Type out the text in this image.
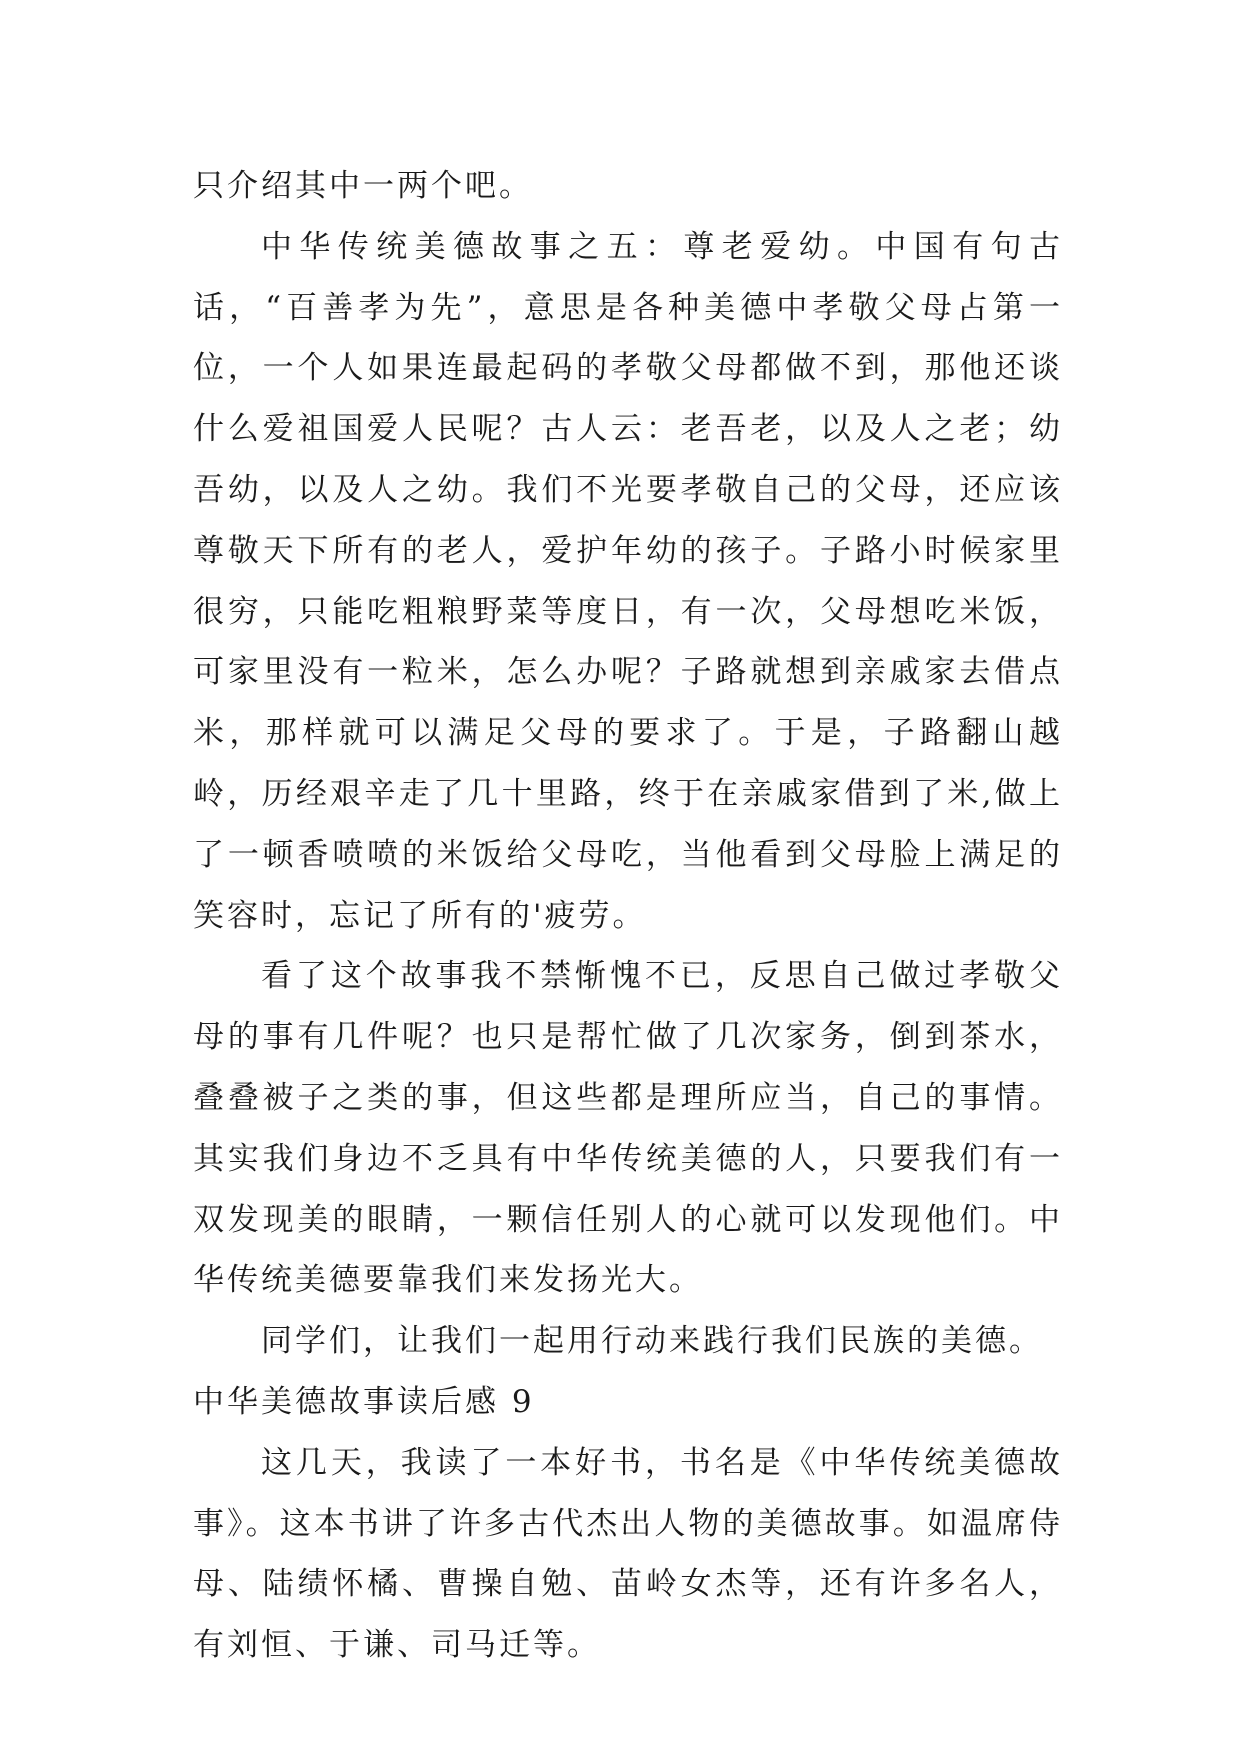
只介绍其中一两个吧。

中华传统美德故事之五：尊老爱幼。中国有句古话，“百善孝为先”，意思是各种美德中孝敬父母占第一位，一个人如果连最起码的孝敬父母都做不到，那他还谈什么爱祖国爱人民呢？古人云：老吾老，以及人之老；幼吾幼，以及人之幼。我们不光要孝敬自己的父母，还应该尊敬天下所有的老人，爱护年幼的孩子。子路小时候家里很穷，只能吃粗粮野菜等度日，有一次，父母想吃米饭，可家里没有一粒米，怎么办呢？子路就想到亲戚家去借点米，那样就可以满足父母的要求了。于是，子路翻山越岭，历经艰辛走了几十里路，终于在亲戚家借到了米,做上了一顿香喷喷的米饭给父母吃，当他看到父母脸上满足的笑容时，忘记了所有的'疲劳。

看了这个故事我不禁惭愧不已，反思自己做过孝敬父母的事有几件呢？也只是帮忙做了几次家务，倒到茶水，叠叠被子之类的事，但这些都是理所应当，自己的事情。其实我们身边不乏具有中华传统美德的人，只要我们有一双发现美的眼睛，一颗信任别人的心就可以发现他们。中华传统美德要靠我们来发扬光大。

同学们，让我们一起用行动来践行我们民族的美德。

中华美德故事读后感 9

这几天，我读了一本好书，书名是《中华传统美德故事》。这本书讲了许多古代杰出人物的美德故事。如温席侍母、陆绩怀橘、曹操自勉、苗岭女杰等，还有许多名人，有刘恒、于谦、司马迁等。
